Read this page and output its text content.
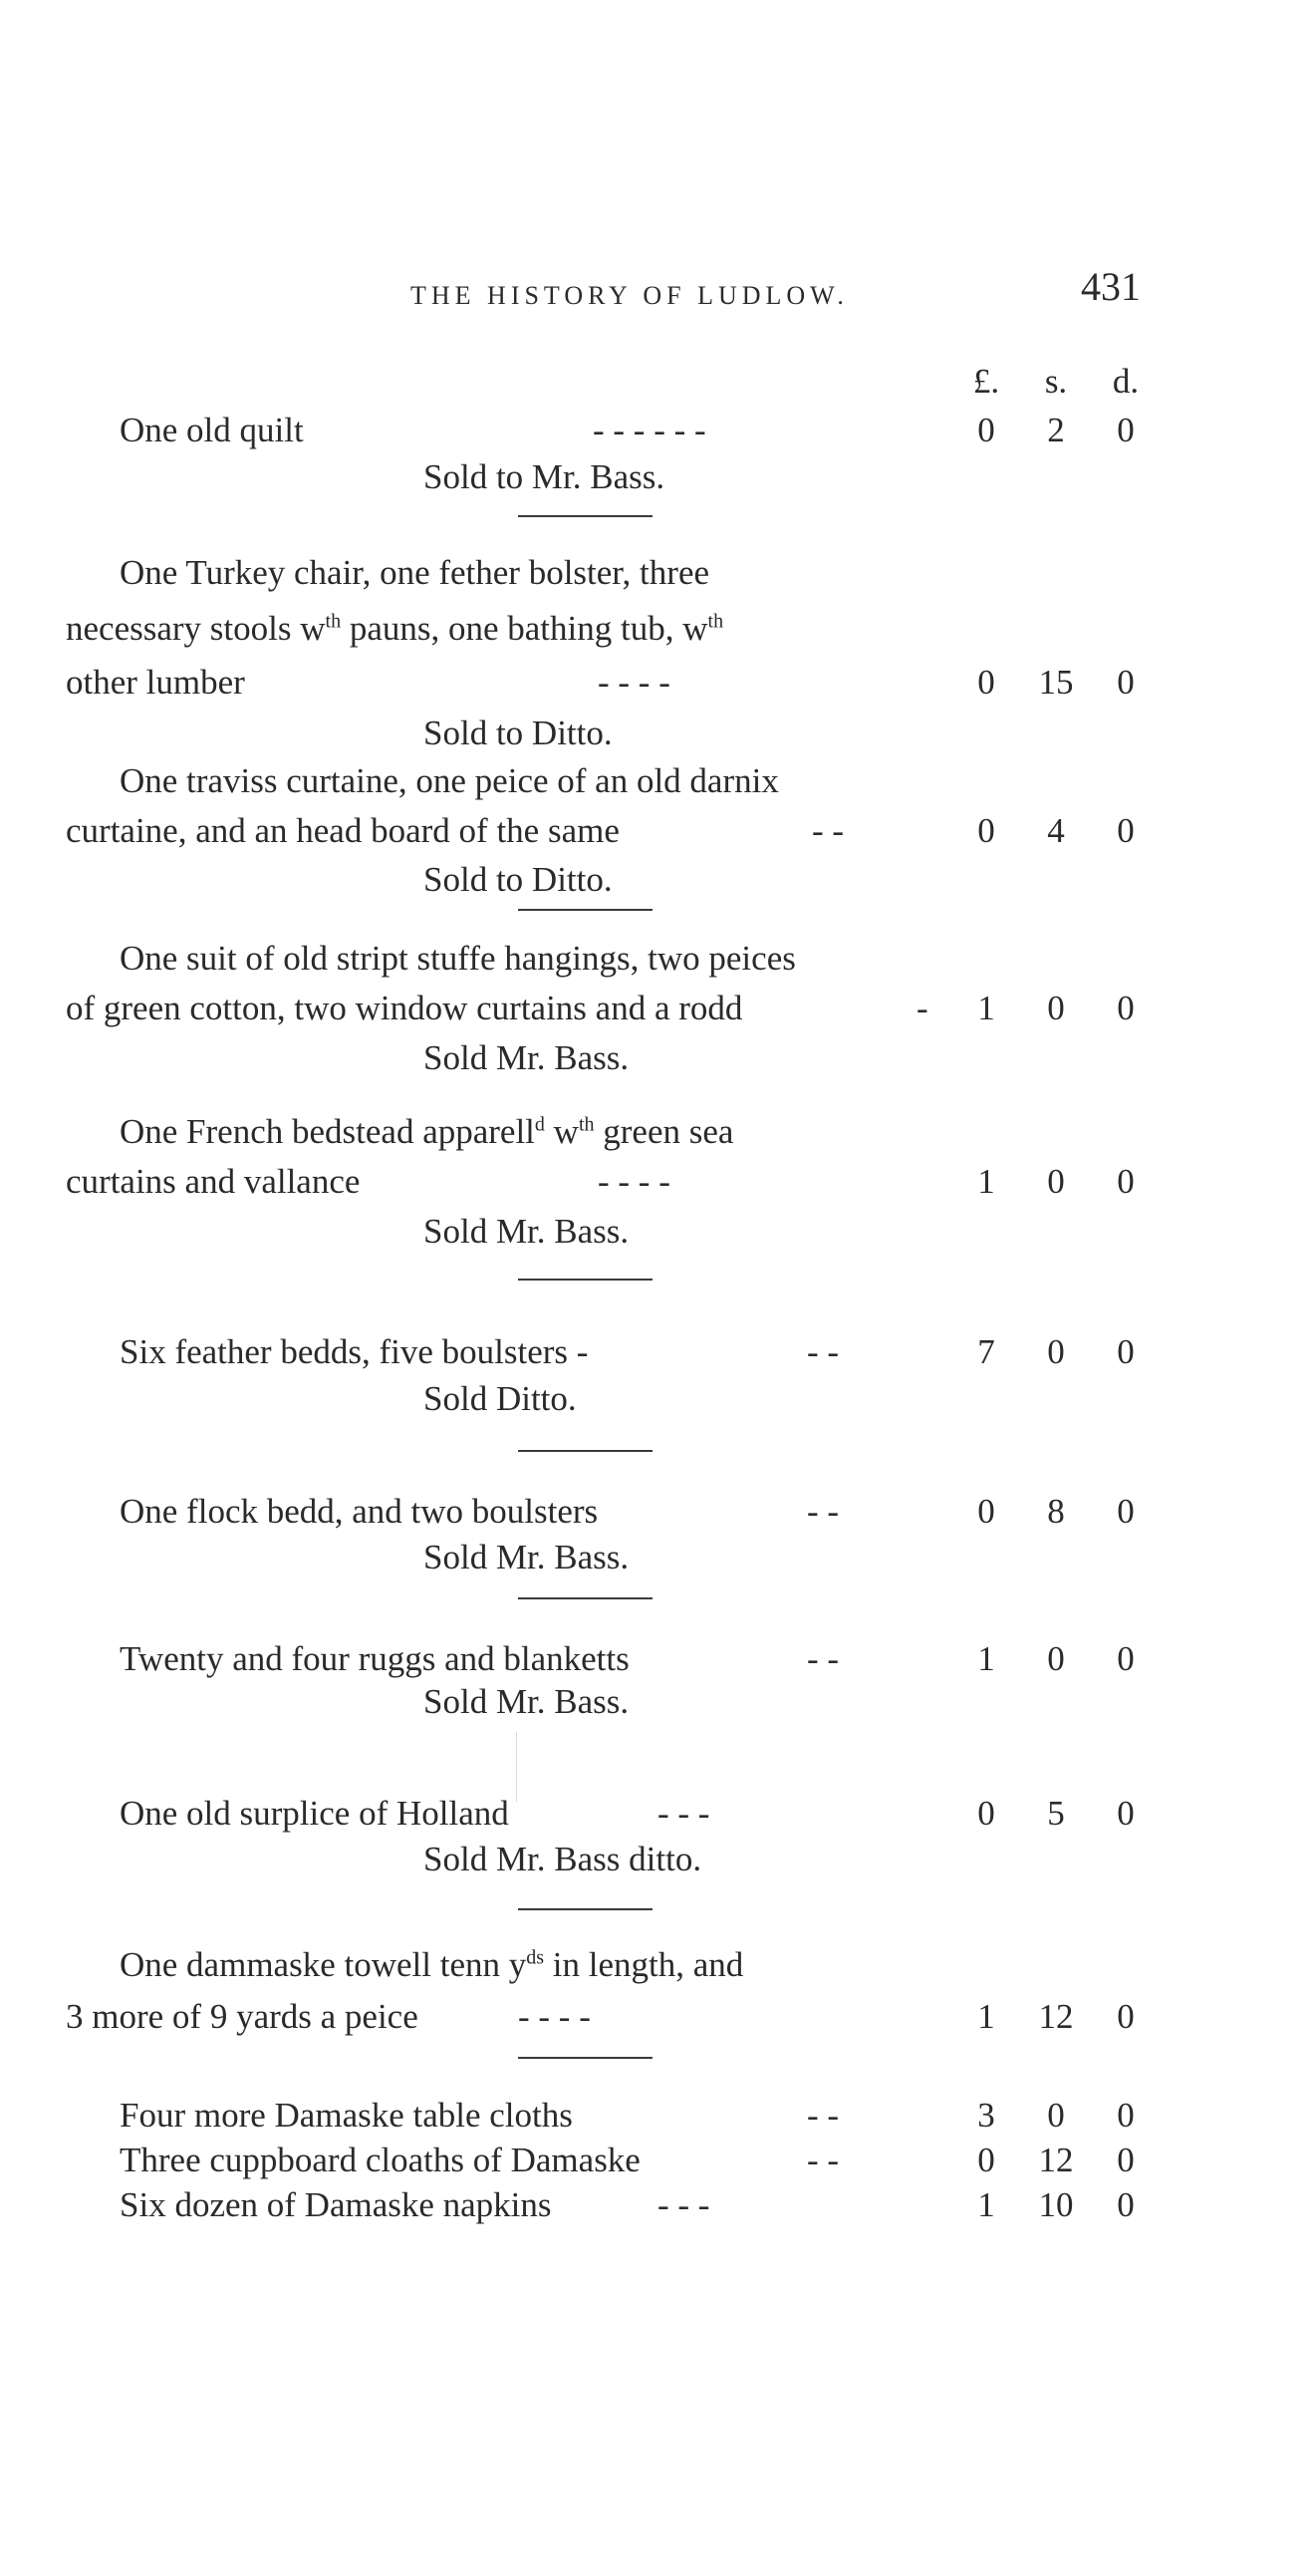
THE HISTORY OF LUDLOW.	431
£.	s.	d.
One old quilt	- - - - - -	0	2	0
Sold to Mr. Bass.
One Turkey chair, one fether bolster, three
necessary stools $w^{th}$ pauns, one bathing tub, $w^{th}$
other lumber	- - - -	0	15	0
Sold to Ditto.
One traviss curtaine, one peice of an old darnix
curtaine, and an head board of the same	- -	0	4	0
Sold to Ditto.
One suit of old stript stuffe hangings, two peices
of green cotton, two window curtains and a rodd	-	1	0	0
Sold Mr. Bass.
One French bedstead apparell$^d$ $w^{th}$ green sea
curtains and vallance	- - - -	1	0	0
Sold Mr. Bass.
Six feather bedds, five boulsters -	- -	7	0	0
Sold Ditto.
One flock bedd, and two boulsters	- -	0	8	0
Sold Mr. Bass.
Twenty and four ruggs and blanketts	- -	1	0	0
Sold Mr. Bass.
One old surplice of Holland	- - -	0	5	0
Sold Mr. Bass ditto.
One dammaske towell tenn $y^{ds}$ in length, and
3 more of 9 yards a peice	- - - -	1	12	0
Four more Damaske table cloths	- -	3	0	0
Three cuppboard cloaths of Damaske	- -	0	12	0
Six dozen of Damaske napkins	- - -	1	10	0
